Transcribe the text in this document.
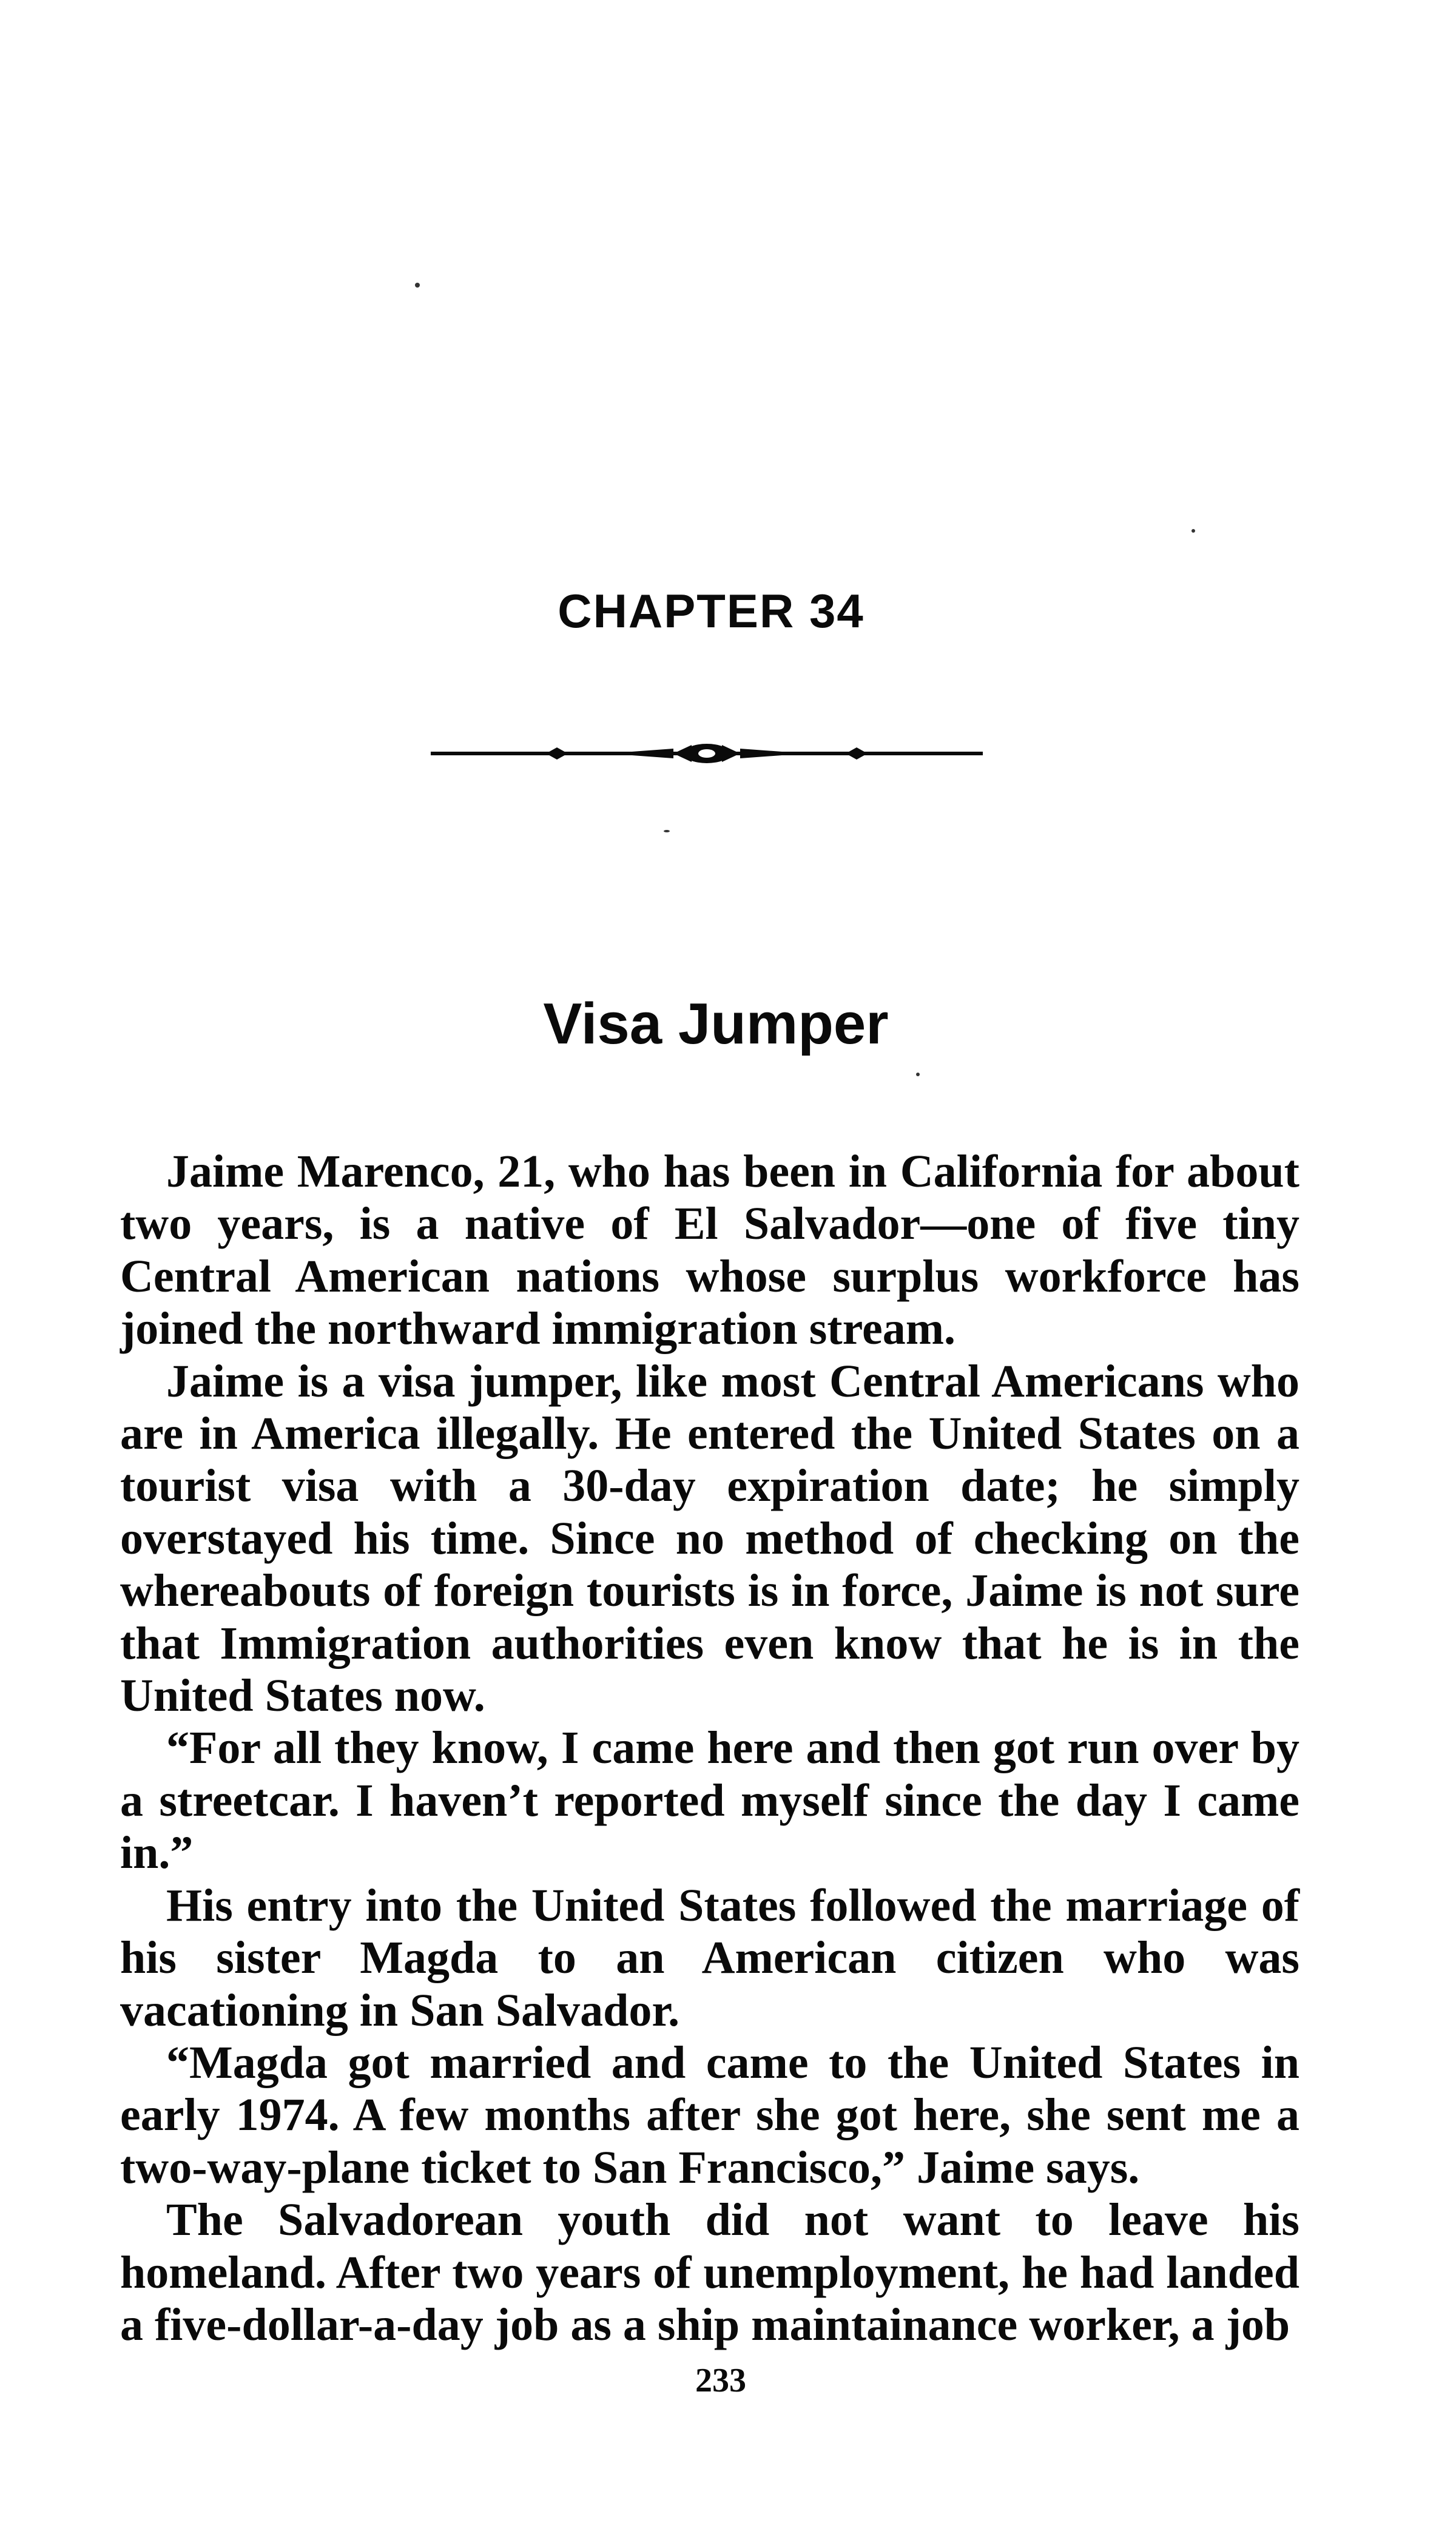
CHAPTER 34
Visa Jumper

Jaime Marenco, 21, who has been in California for about two years, is a native of El Salvador—one of five tiny Central American nations whose surplus workforce has joined the northward immigration stream.

Jaime is a visa jumper, like most Central Americans who are in America illegally. He entered the United States on a tourist visa with a 30-day expiration date; he simply overstayed his time. Since no method of checking on the whereabouts of foreign tourists is in force, Jaime is not sure that Immigration authorities even know that he is in the United States now.

“For all they know, I came here and then got run over by a streetcar. I haven’t reported myself since the day I came in.”

His entry into the United States followed the marriage of his sister Magda to an American citizen who was vacationing in San Salvador.

“Magda got married and came to the United States in early 1974. A few months after she got here, she sent me a two-way-plane ticket to San Francisco,” Jaime says.

The Salvadorean youth did not want to leave his homeland. After two years of unemployment, he had landed a five-dollar-a-day job as a ship maintainance worker, a job

233
